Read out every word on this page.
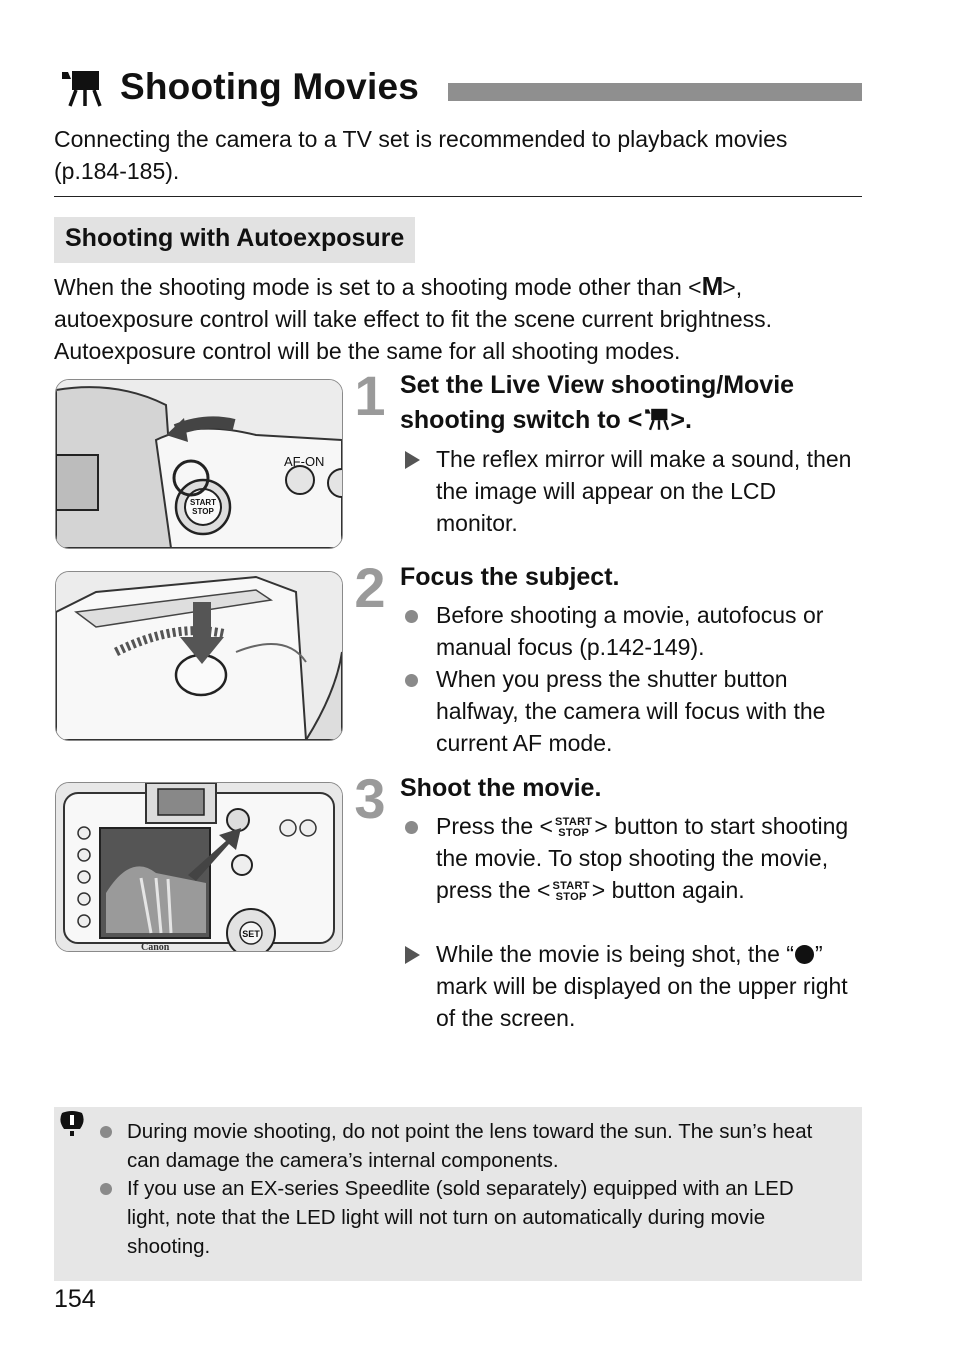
Shooting Movies
Connecting the camera to a TV set is recommended to playback movies (p.184-185).
Shooting with Autoexposure
When the shooting mode is set to a shooting mode other than <M>, autoexposure control will take effect to fit the scene current brightness. Autoexposure control will be the same for all shooting modes.
AF-ON
START
STOP
1 Set the Live View shooting/Movie shooting switch to < >.
The reflex mirror will make a sound, then the image will appear on the LCD monitor.
2 Focus the subject.
Before shooting a movie, autofocus or manual focus (p.142-149).
When you press the shutter button halfway, the camera will focus with the current AF mode.
SET
Canon
3 Shoot the movie.
Press the < START
STOP > button to start shooting the movie. To stop shooting the movie, press the < START
STOP > button again.
While the movie is being shot, the “ ” mark will be displayed on the upper right of the screen.
During movie shooting, do not point the lens toward the sun. The sun’s heat can damage the camera’s internal components.
If you use an EX-series Speedlite (sold separately) equipped with an LED light, note that the LED light will not turn on automatically during movie shooting.
154
